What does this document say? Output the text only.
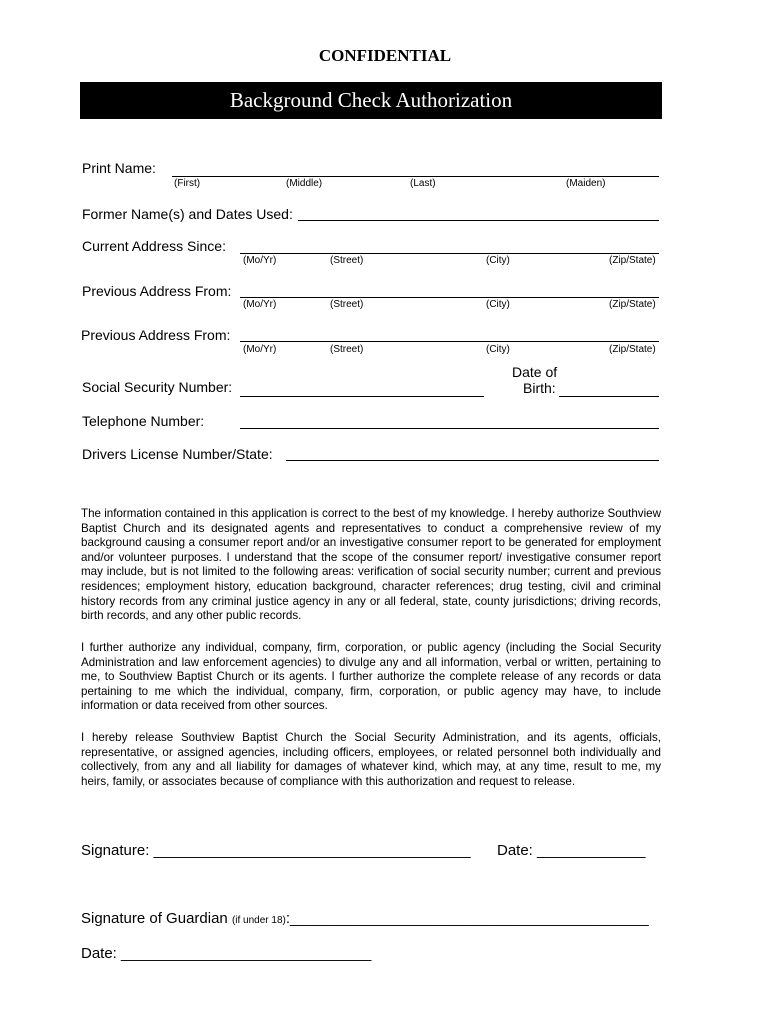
CONFIDENTIAL
Background Check Authorization
Print Name:
(First)	(Middle)	(Last)	(Maiden)
Former Name(s) and Dates Used:
Current Address Since:
(Mo/Yr)	(Street)	(City)	(Zip/State)
Previous Address From:
(Mo/Yr)	(Street)	(City)	(Zip/State)
Previous Address From:
(Mo/Yr)	(Street)	(City)	(Zip/State)
Social Security Number:
Date of
Birth:
Telephone Number:
Drivers License Number/State:

The information contained in this application is correct to the best of my knowledge. I hereby authorize Southview Baptist Church and its designated agents and representatives to conduct a comprehensive review of my background causing a consumer report and/or an investigative consumer report to be generated for employment and/or volunteer purposes. I understand that the scope of the consumer report/ investigative consumer report may include, but is not limited to the following areas: verification of social security number; current and previous residences; employment history, education background, character references; drug testing, civil and criminal history records from any criminal justice agency in any or all federal, state, county jurisdictions; driving records, birth records, and any other public records.

I further authorize any individual, company, firm, corporation, or public agency (including the Social Security Administration and law enforcement agencies) to divulge any and all information, verbal or written, pertaining to me, to Southview Baptist Church or its agents. I further authorize the complete release of any records or data pertaining to me which the individual, company, firm, corporation, or public agency may have, to include information or data received from other sources.

I hereby release Southview Baptist Church the Social Security Administration, and its agents, officials, representative, or assigned agencies, including officers, employees, or related personnel both individually and collectively, from any and all liability for damages of whatever kind, which may, at any time, result to me, my heirs, family, or associates because of compliance with this authorization and request to release.

Signature: ______________________________________ Date: _____________
Signature of Guardian (if under 18):___________________________________________
Date: ______________________________
